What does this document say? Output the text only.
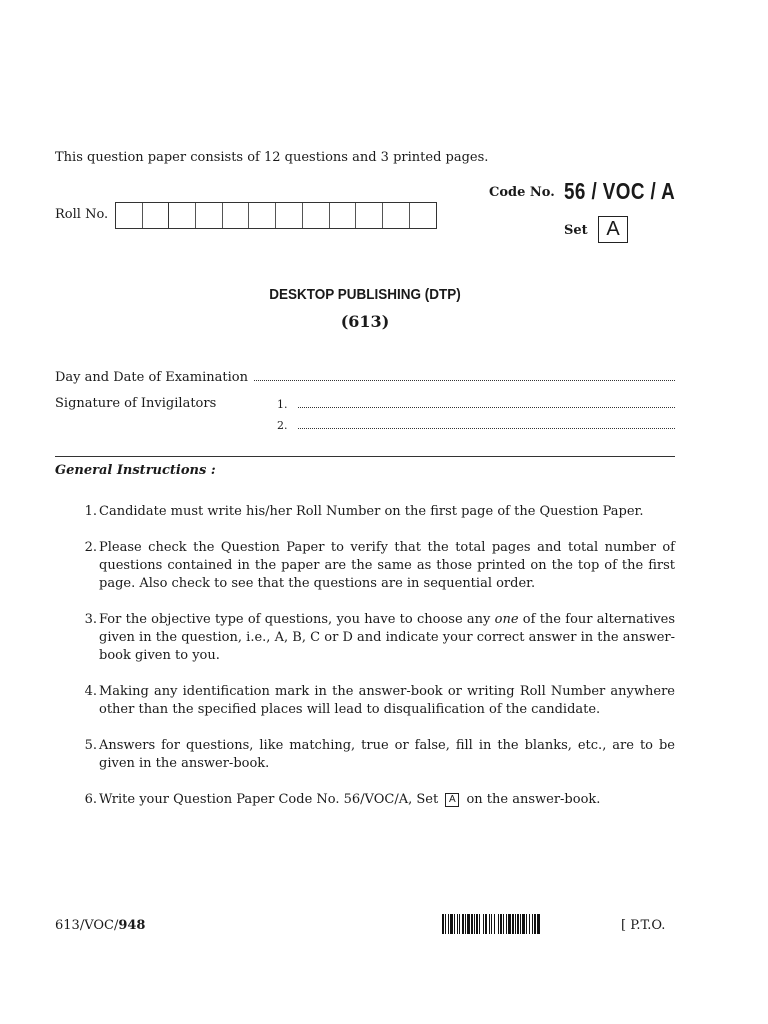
This question paper consists of 12 questions and 3 printed pages.
Code No. 56 / VOC / A
Set A
Roll No.
DESKTOP PUBLISHING (DTP)
(613)
Day and Date of Examination
Signature of Invigilators	1.
2.
General Instructions :
1. Candidate must write his/her Roll Number on the first page of the Question Paper.
2. Please check the Question Paper to verify that the total pages and total number of questions contained in the paper are the same as those printed on the top of the first page. Also check to see that the questions are in sequential order.
3. For the objective type of questions, you have to choose any one of the four alternatives given in the question, i.e., A, B, C or D and indicate your correct answer in the answer-book given to you.
4. Making any identification mark in the answer-book or writing Roll Number anywhere other than the specified places will lead to disqualification of the candidate.
5. Answers for questions, like matching, true or false, fill in the blanks, etc., are to be given in the answer-book.
6. Write your Question Paper Code No. 56/VOC/A, Set A on the answer-book.
613/VOC/948	[ P.T.O.
